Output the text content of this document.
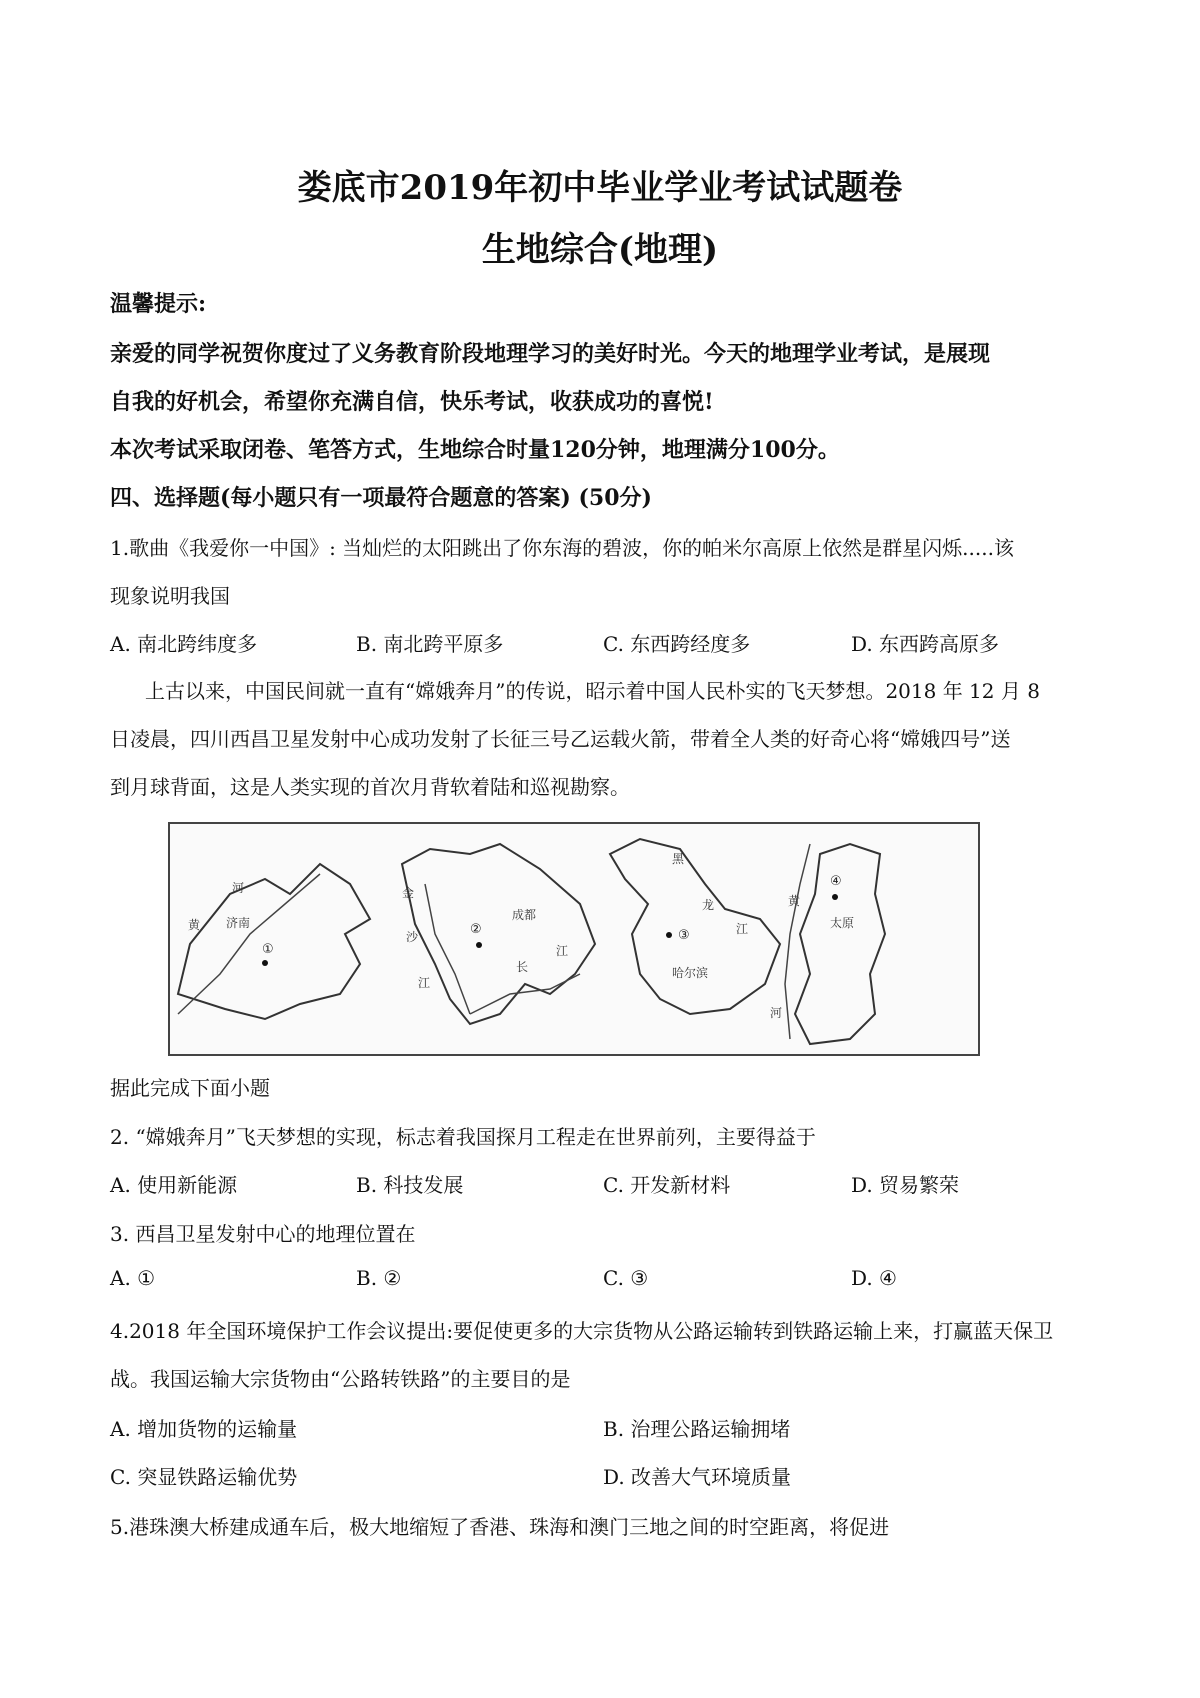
娄底市2019年初中毕业学业考试试题卷
生地综合(地理)
温馨提示:
亲爱的同学祝贺你度过了义务教育阶段地理学习的美好时光。今天的地理学业考试，是展现
自我的好机会，希望你充满自信，快乐考试，收获成功的喜悦!
本次考试采取闭卷、笔答方式，生地综合时量120分钟，地理满分100分。
四、选择题(每小题只有一项最符合题意的答案) (50分)
1.歌曲《我爱你一中国》: 当灿烂的太阳跳出了你东海的碧波，你的帕米尔高原上依然是群星闪烁.....该
现象说明我国
A. 南北跨纬度多	B. 南北跨平原多	C. 东西跨经度多	D. 东西跨高原多
上古以来，中国民间就一直有“嫦娥奔月”的传说，昭示着中国人民朴实的飞天梦想。2018 年 12 月 8
日凌晨，四川西昌卫星发射中心成功发射了长征三号乙运载火箭，带着全人类的好奇心将“嫦娥四号”送
到月球背面，这是人类实现的首次月背软着陆和巡视勘察。
河
黄 济南
①
金
沙
江
成都
②
长
江
黑
龙
江
③
哈尔滨
黄
河
④
太原
据此完成下面小题
2. “嫦娥奔月”飞天梦想的实现，标志着我国探月工程走在世界前列，主要得益于
A. 使用新能源	B. 科技发展	C. 开发新材料	D. 贸易繁荣
3. 西昌卫星发射中心的地理位置在
A. ①	B. ②	C. ③	D. ④
4.2018 年全国环境保护工作会议提出:要促使更多的大宗货物从公路运输转到铁路运输上来，打赢蓝天保卫
战。我国运输大宗货物由“公路转铁路”的主要目的是
A. 增加货物的运输量	B. 治理公路运输拥堵
C. 突显铁路运输优势	D. 改善大气环境质量
5.港珠澳大桥建成通车后，极大地缩短了香港、珠海和澳门三地之间的时空距离，将促进
